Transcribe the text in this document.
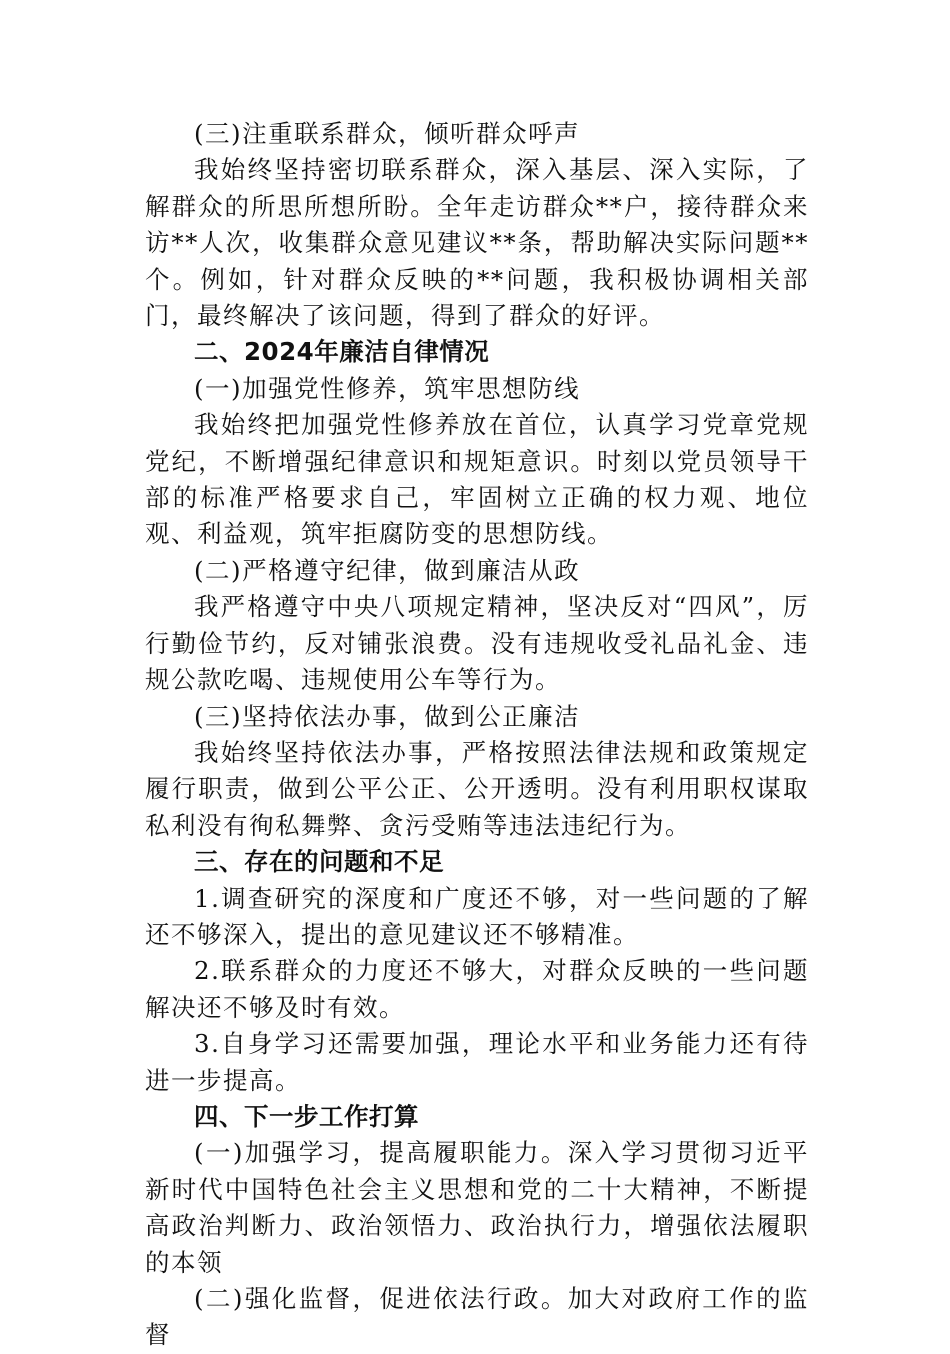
(三)注重联系群众，倾听群众呼声

我始终坚持密切联系群众，深入基层、深入实际，了解群众的所思所想所盼。全年走访群众**户，接待群众来访**人次，收集群众意见建议**条，帮助解决实际问题**个。例如，针对群众反映的**问题，我积极协调相关部门，最终解决了该问题，得到了群众的好评。

二、2024年廉洁自律情况

(一)加强党性修养，筑牢思想防线

我始终把加强党性修养放在首位，认真学习党章党规党纪，不断增强纪律意识和规矩意识。时刻以党员领导干部的标准严格要求自己，牢固树立正确的权力观、地位观、利益观，筑牢拒腐防变的思想防线。

(二)严格遵守纪律，做到廉洁从政

我严格遵守中央八项规定精神，坚决反对“四风”，厉行勤俭节约，反对铺张浪费。没有违规收受礼品礼金、违规公款吃喝、违规使用公车等行为。

(三)坚持依法办事，做到公正廉洁

我始终坚持依法办事，严格按照法律法规和政策规定履行职责，做到公平公正、公开透明。没有利用职权谋取私利没有徇私舞弊、贪污受贿等违法违纪行为。

三、存在的问题和不足

1.调查研究的深度和广度还不够，对一些问题的了解还不够深入，提出的意见建议还不够精准。

2.联系群众的力度还不够大，对群众反映的一些问题解决还不够及时有效。

3.自身学习还需要加强，理论水平和业务能力还有待进一步提高。

四、下一步工作打算

(一)加强学习，提高履职能力。深入学习贯彻习近平新时代中国特色社会主义思想和党的二十大精神，不断提高政治判断力、政治领悟力、政治执行力，增强依法履职的本领

(二)强化监督，促进依法行政。加大对政府工作的监督
